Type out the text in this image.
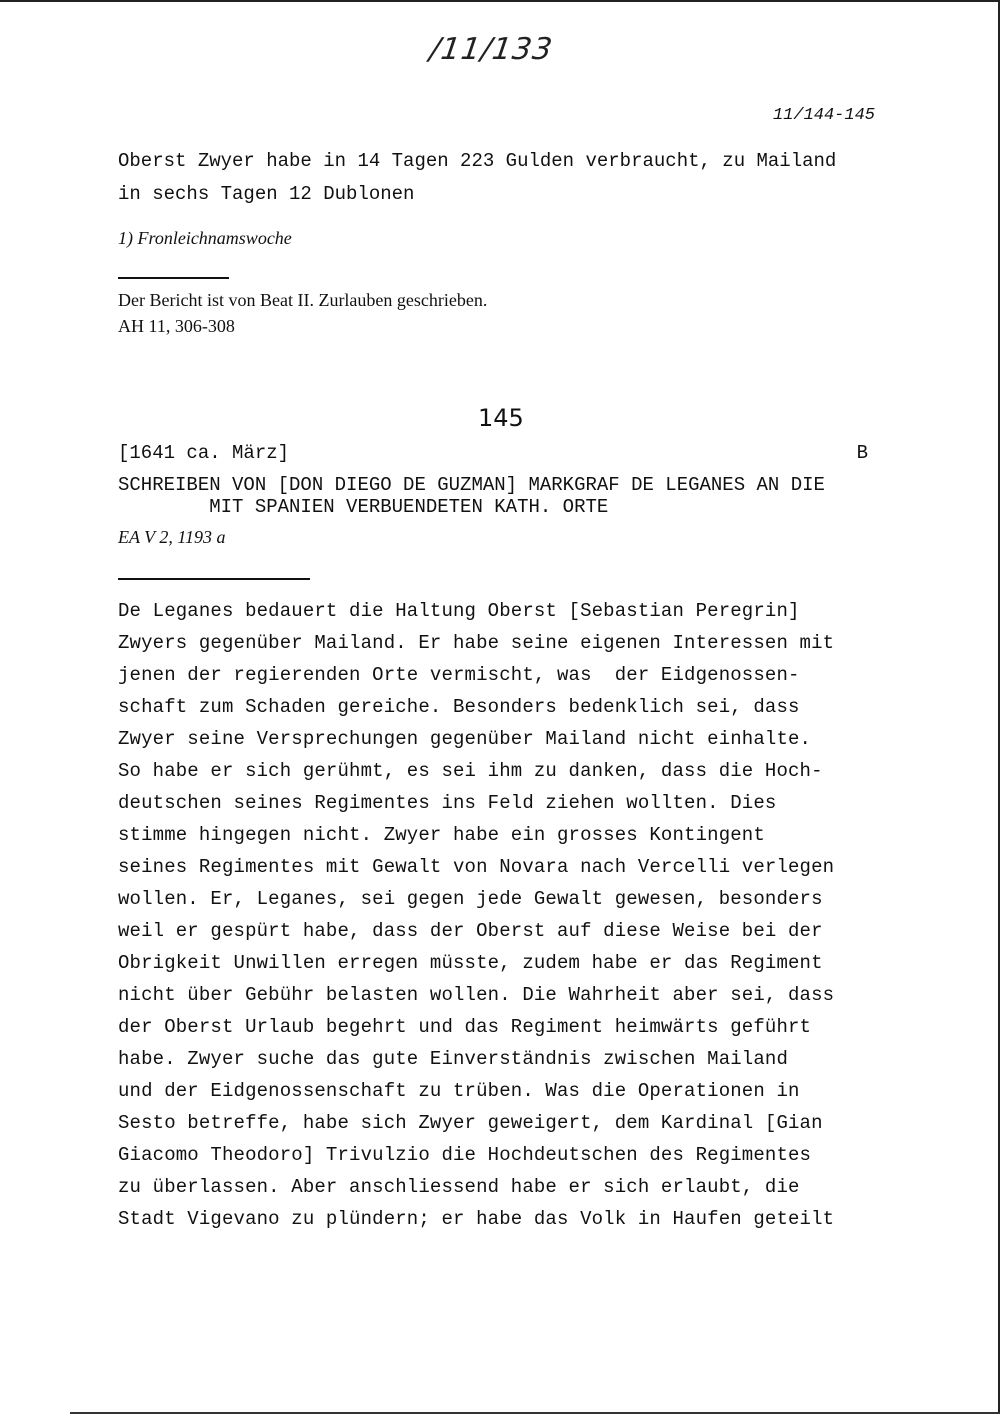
/11/133
11/144-145
Oberst Zwyer habe in 14 Tagen 223 Gulden verbraucht, zu Mailand
in sechs Tagen 12 Dublonen
1) Fronleichnamswoche
Der Bericht ist von Beat II. Zurlauben geschrieben.
AH 11, 306-308
145
[1641 ca. März]	B
SCHREIBEN VON [DON DIEGO DE GUZMAN] MARKGRAF DE LEGANES AN DIE
MIT SPANIEN VERBUENDETEN KATH. ORTE
EA V 2, 1193 a
De Leganes bedauert die Haltung Oberst [Sebastian Peregrin]
Zwyers gegenüber Mailand. Er habe seine eigenen Interessen mit
jenen der regierenden Orte vermischt, was  der Eidgenossen-
schaft zum Schaden gereiche. Besonders bedenklich sei, dass
Zwyer seine Versprechungen gegenüber Mailand nicht einhalte.
So habe er sich gerühmt, es sei ihm zu danken, dass die Hoch-
deutschen seines Regimentes ins Feld ziehen wollten. Dies
stimme hingegen nicht. Zwyer habe ein grosses Kontingent
seines Regimentes mit Gewalt von Novara nach Vercelli verlegen
wollen. Er, Leganes, sei gegen jede Gewalt gewesen, besonders
weil er gespürt habe, dass der Oberst auf diese Weise bei der
Obrigkeit Unwillen erregen müsste, zudem habe er das Regiment
nicht über Gebühr belasten wollen. Die Wahrheit aber sei, dass
der Oberst Urlaub begehrt und das Regiment heimwärts geführt
habe. Zwyer suche das gute Einverständnis zwischen Mailand
und der Eidgenossenschaft zu trüben. Was die Operationen in
Sesto betreffe, habe sich Zwyer geweigert, dem Kardinal [Gian
Giacomo Theodoro] Trivulzio die Hochdeutschen des Regimentes
zu überlassen. Aber anschliessend habe er sich erlaubt, die
Stadt Vigevano zu plündern; er habe das Volk in Haufen geteilt
